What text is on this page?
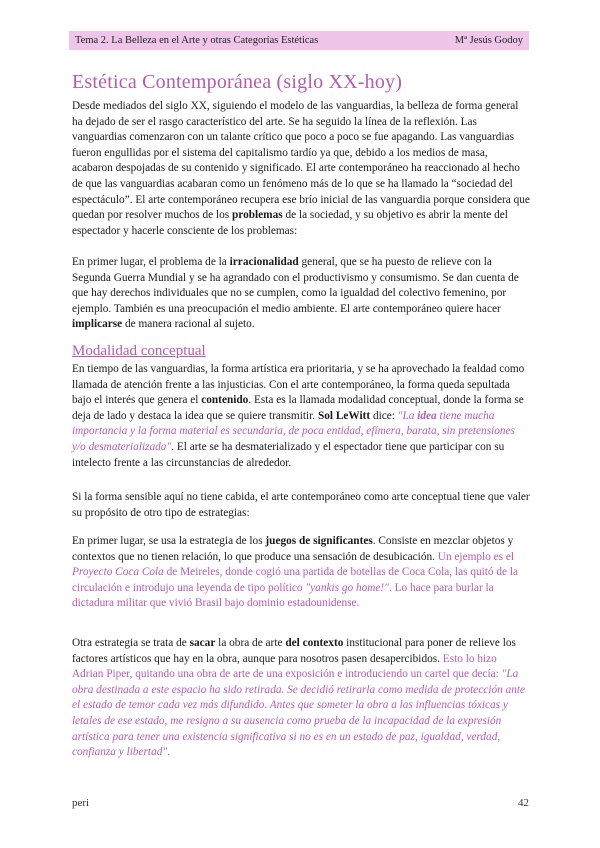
Tema 2. La Belleza en el Arte y otras Categorías Estéticas	Mª Jesús Godoy
Estética Contemporánea (siglo XX-hoy)

Desde mediados del siglo XX, siguiendo el modelo de las vanguardias, la belleza de forma general ha dejado de ser el rasgo característico del arte. Se ha seguido la línea de la reflexión. Las vanguardias comenzaron con un talante crítico que poco a poco se fue apagando. Las vanguardias fueron engullidas por el sistema del capitalismo tardío ya que, debido a los medios de masa, acabaron despojadas de su contenido y significado. El arte contemporáneo ha reaccionado al hecho de que las vanguardias acabaran como un fenómeno más de lo que se ha llamado la “sociedad del espectáculo”. El arte contemporáneo recupera ese brío inicial de las vanguardia porque considera que quedan por resolver muchos de los problemas de la sociedad, y su objetivo es abrir la mente del espectador y hacerle consciente de los problemas:

En primer lugar, el problema de la irracionalidad general, que se ha puesto de relieve con la Segunda Guerra Mundial y se ha agrandado con el productivismo y consumismo. Se dan cuenta de que hay derechos individuales que no se cumplen, como la igualdad del colectivo femenino, por ejemplo. También es una preocupación el medio ambiente. El arte contemporáneo quiere hacer implicarse de manera racional al sujeto.

Modalidad conceptual

En tiempo de las vanguardias, la forma artística era prioritaria, y se ha aprovechado la fealdad como llamada de atención frente a las injusticias. Con el arte contemporáneo, la forma queda sepultada bajo el interés que genera el contenido. Esta es la llamada modalidad conceptual, donde la forma se deja de lado y destaca la idea que se quiere transmitir. Sol LeWitt dice: "La idea tiene mucha importancia y la forma material es secundaria, de poca entidad, efímera, barata, sin pretensiones y/o desmaterializada". El arte se ha desmaterializado y el espectador tiene que participar con su intelecto frente a las circunstancias de alrededor.

Si la forma sensible aquí no tiene cabida, el arte contemporáneo como arte conceptual tiene que valer su propósito de otro tipo de estrategias:

En primer lugar, se usa la estrategia de los juegos de significantes. Consiste en mezclar objetos y contextos que no tienen relación, lo que produce una sensación de desubicación. Un ejemplo es el Proyecto Coca Cola de Meireles, donde cogió una partida de botellas de Coca Cola, las quitó de la circulación e introdujo una leyenda de tipo político "yankis go home!". Lo hace para burlar la dictadura militar que vivió Brasil bajo dominio estadounidense.

Otra estrategia se trata de sacar la obra de arte del contexto institucional para poner de relieve los factores artísticos que hay en la obra, aunque para nosotros pasen desapercibidos. Esto lo hizo Adrian Piper, quitando una obra de arte de una exposición e introduciendo un cartel que decía: "La obra destinada a este espacio ha sido retirada. Se decidió retirarla como medida de protección ante el estado de temor cada vez más difundido. Antes que someter la obra a las influencias tóxicas y letales de ese estado, me resigno a su ausencia como prueba de la incapacidad de la expresión artística para tener una existencia significativa si no es en un estado de paz, igualdad, verdad, confianza y libertad".

peri	42
